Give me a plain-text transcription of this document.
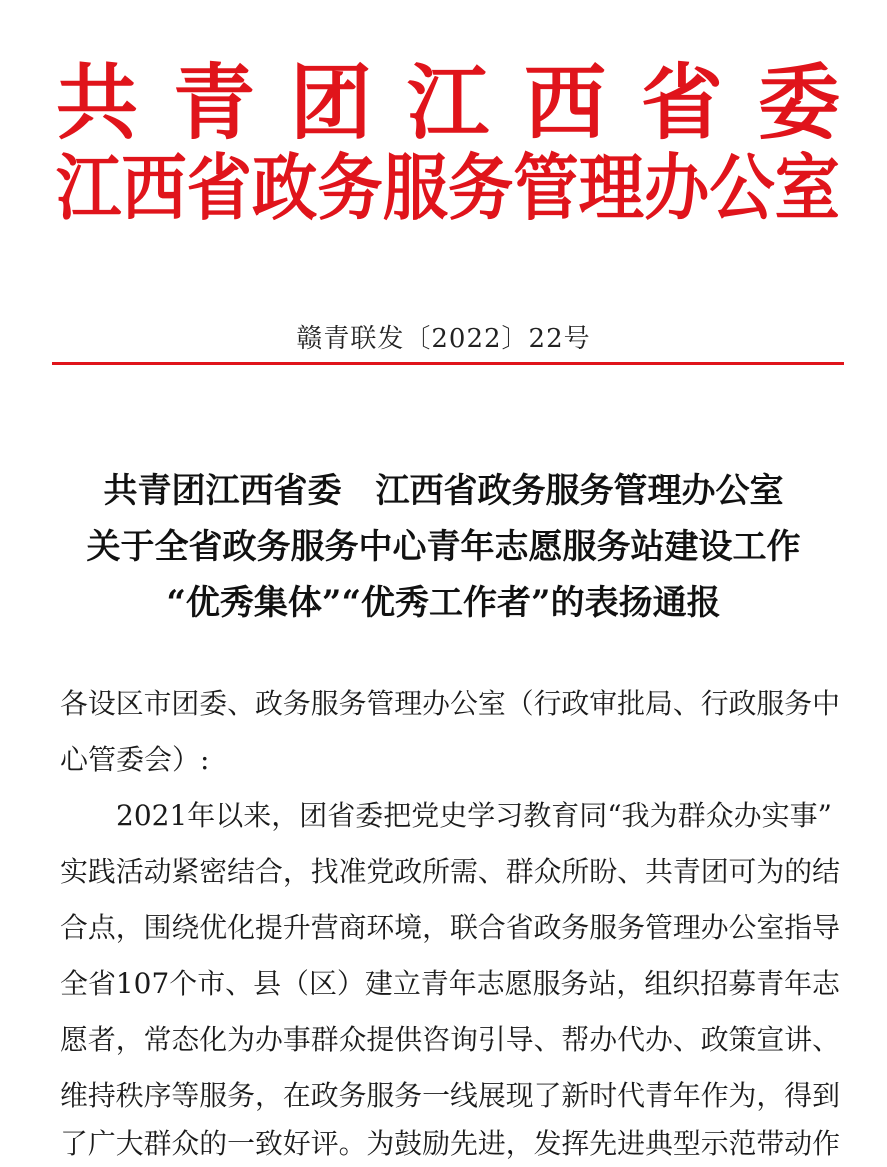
共 青 团 江 西 省 委
江西省政务服务管理办公室
赣青联发〔2022〕22号
共青团江西省委　江西省政务服务管理办公室
关于全省政务服务中心青年志愿服务站建设工作
“优秀集体”“优秀工作者”的表扬通报
各设区市团委、政务服务管理办公室（行政审批局、行政服务中
心管委会）:
2021年以来，团省委把党史学习教育同“我为群众办实事”
实践活动紧密结合，找准党政所需、群众所盼、共青团可为的结
合点，围绕优化提升营商环境，联合省政务服务管理办公室指导
全省107个市、县（区）建立青年志愿服务站，组织招募青年志
愿者，常态化为办事群众提供咨询引导、帮办代办、政策宣讲、
维持秩序等服务，在政务服务一线展现了新时代青年作为，得到
了广大群众的一致好评。为鼓励先进，发挥先进典型示范带动作
